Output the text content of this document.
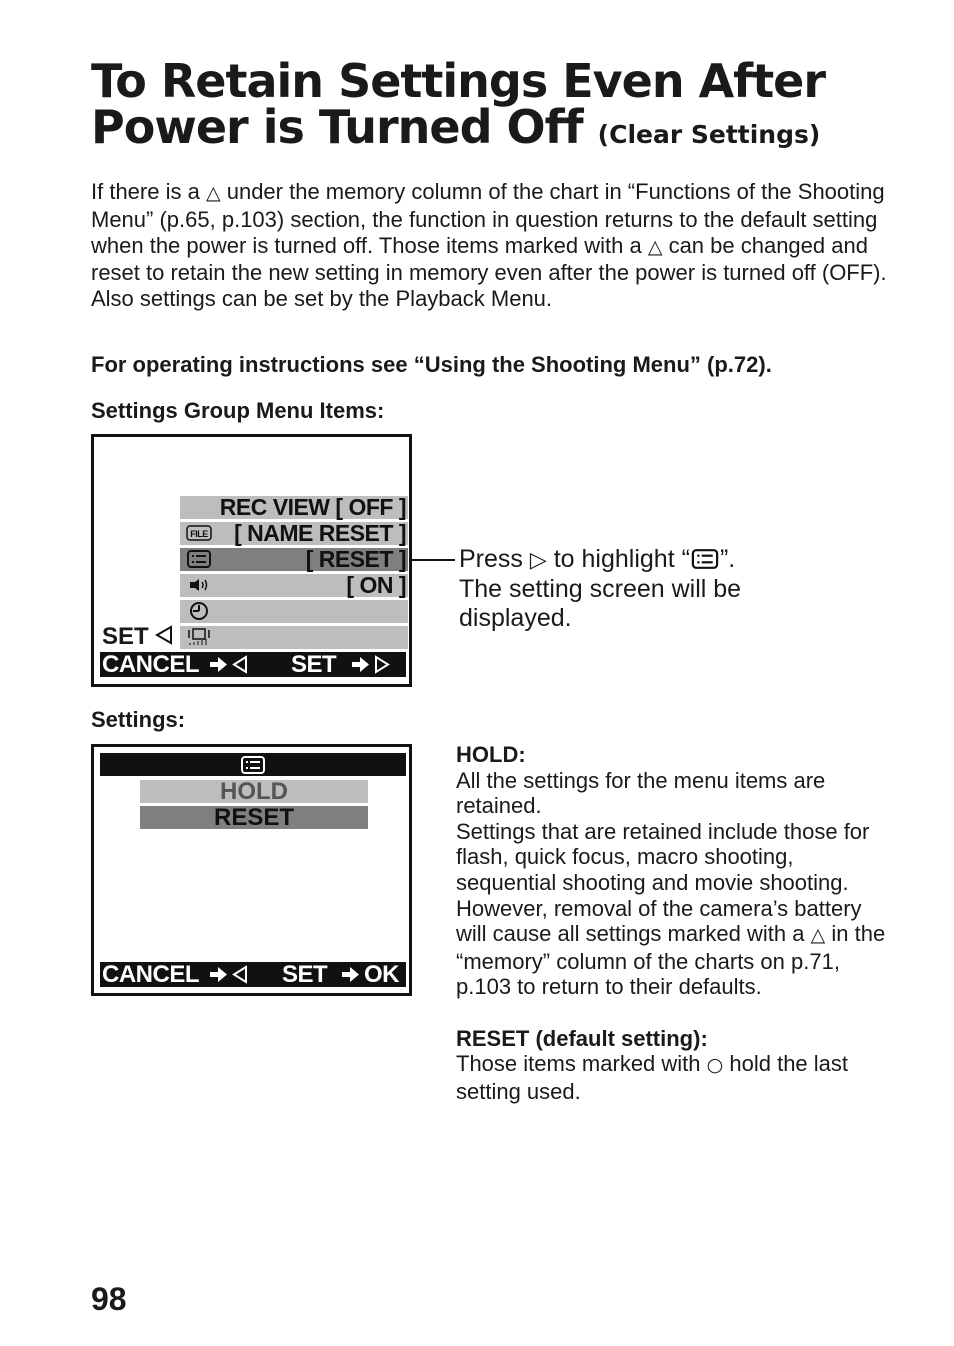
To Retain Settings Even After
Power is Turned Off (Clear Settings)

If there is a △ under the memory column of the chart in “Functions of the Shooting Menu” (p.65, p.103) section, the function in question returns to the default setting when the power is turned off. Those items marked with a △ can be changed and reset to retain the new setting in memory even after the power is turned off (OFF).

Also settings can be set by the Playback Menu.

For operating instructions see “Using the Shooting Menu” (p.72).
Settings Group Menu Items:
REC VIEW [ OFF ]
FILE [ NAME RESET ]
[ RESET ]
[ ON ]
SET
CANCEL	SET

Press ▷ to highlight “ ”.

The setting screen will be displayed.

Settings:
HOLD
RESET
CANCEL	SET OK

HOLD:

All the settings for the menu items are retained.

Settings that are retained include those for flash, quick focus, macro shooting, sequential shooting and movie shooting.

However, removal of the camera’s battery will cause all settings marked with a △ in the “memory” column of the charts on p.71, p.103 to return to their defaults.

RESET (default setting):

Those items marked with ○ hold the last setting used.

98
